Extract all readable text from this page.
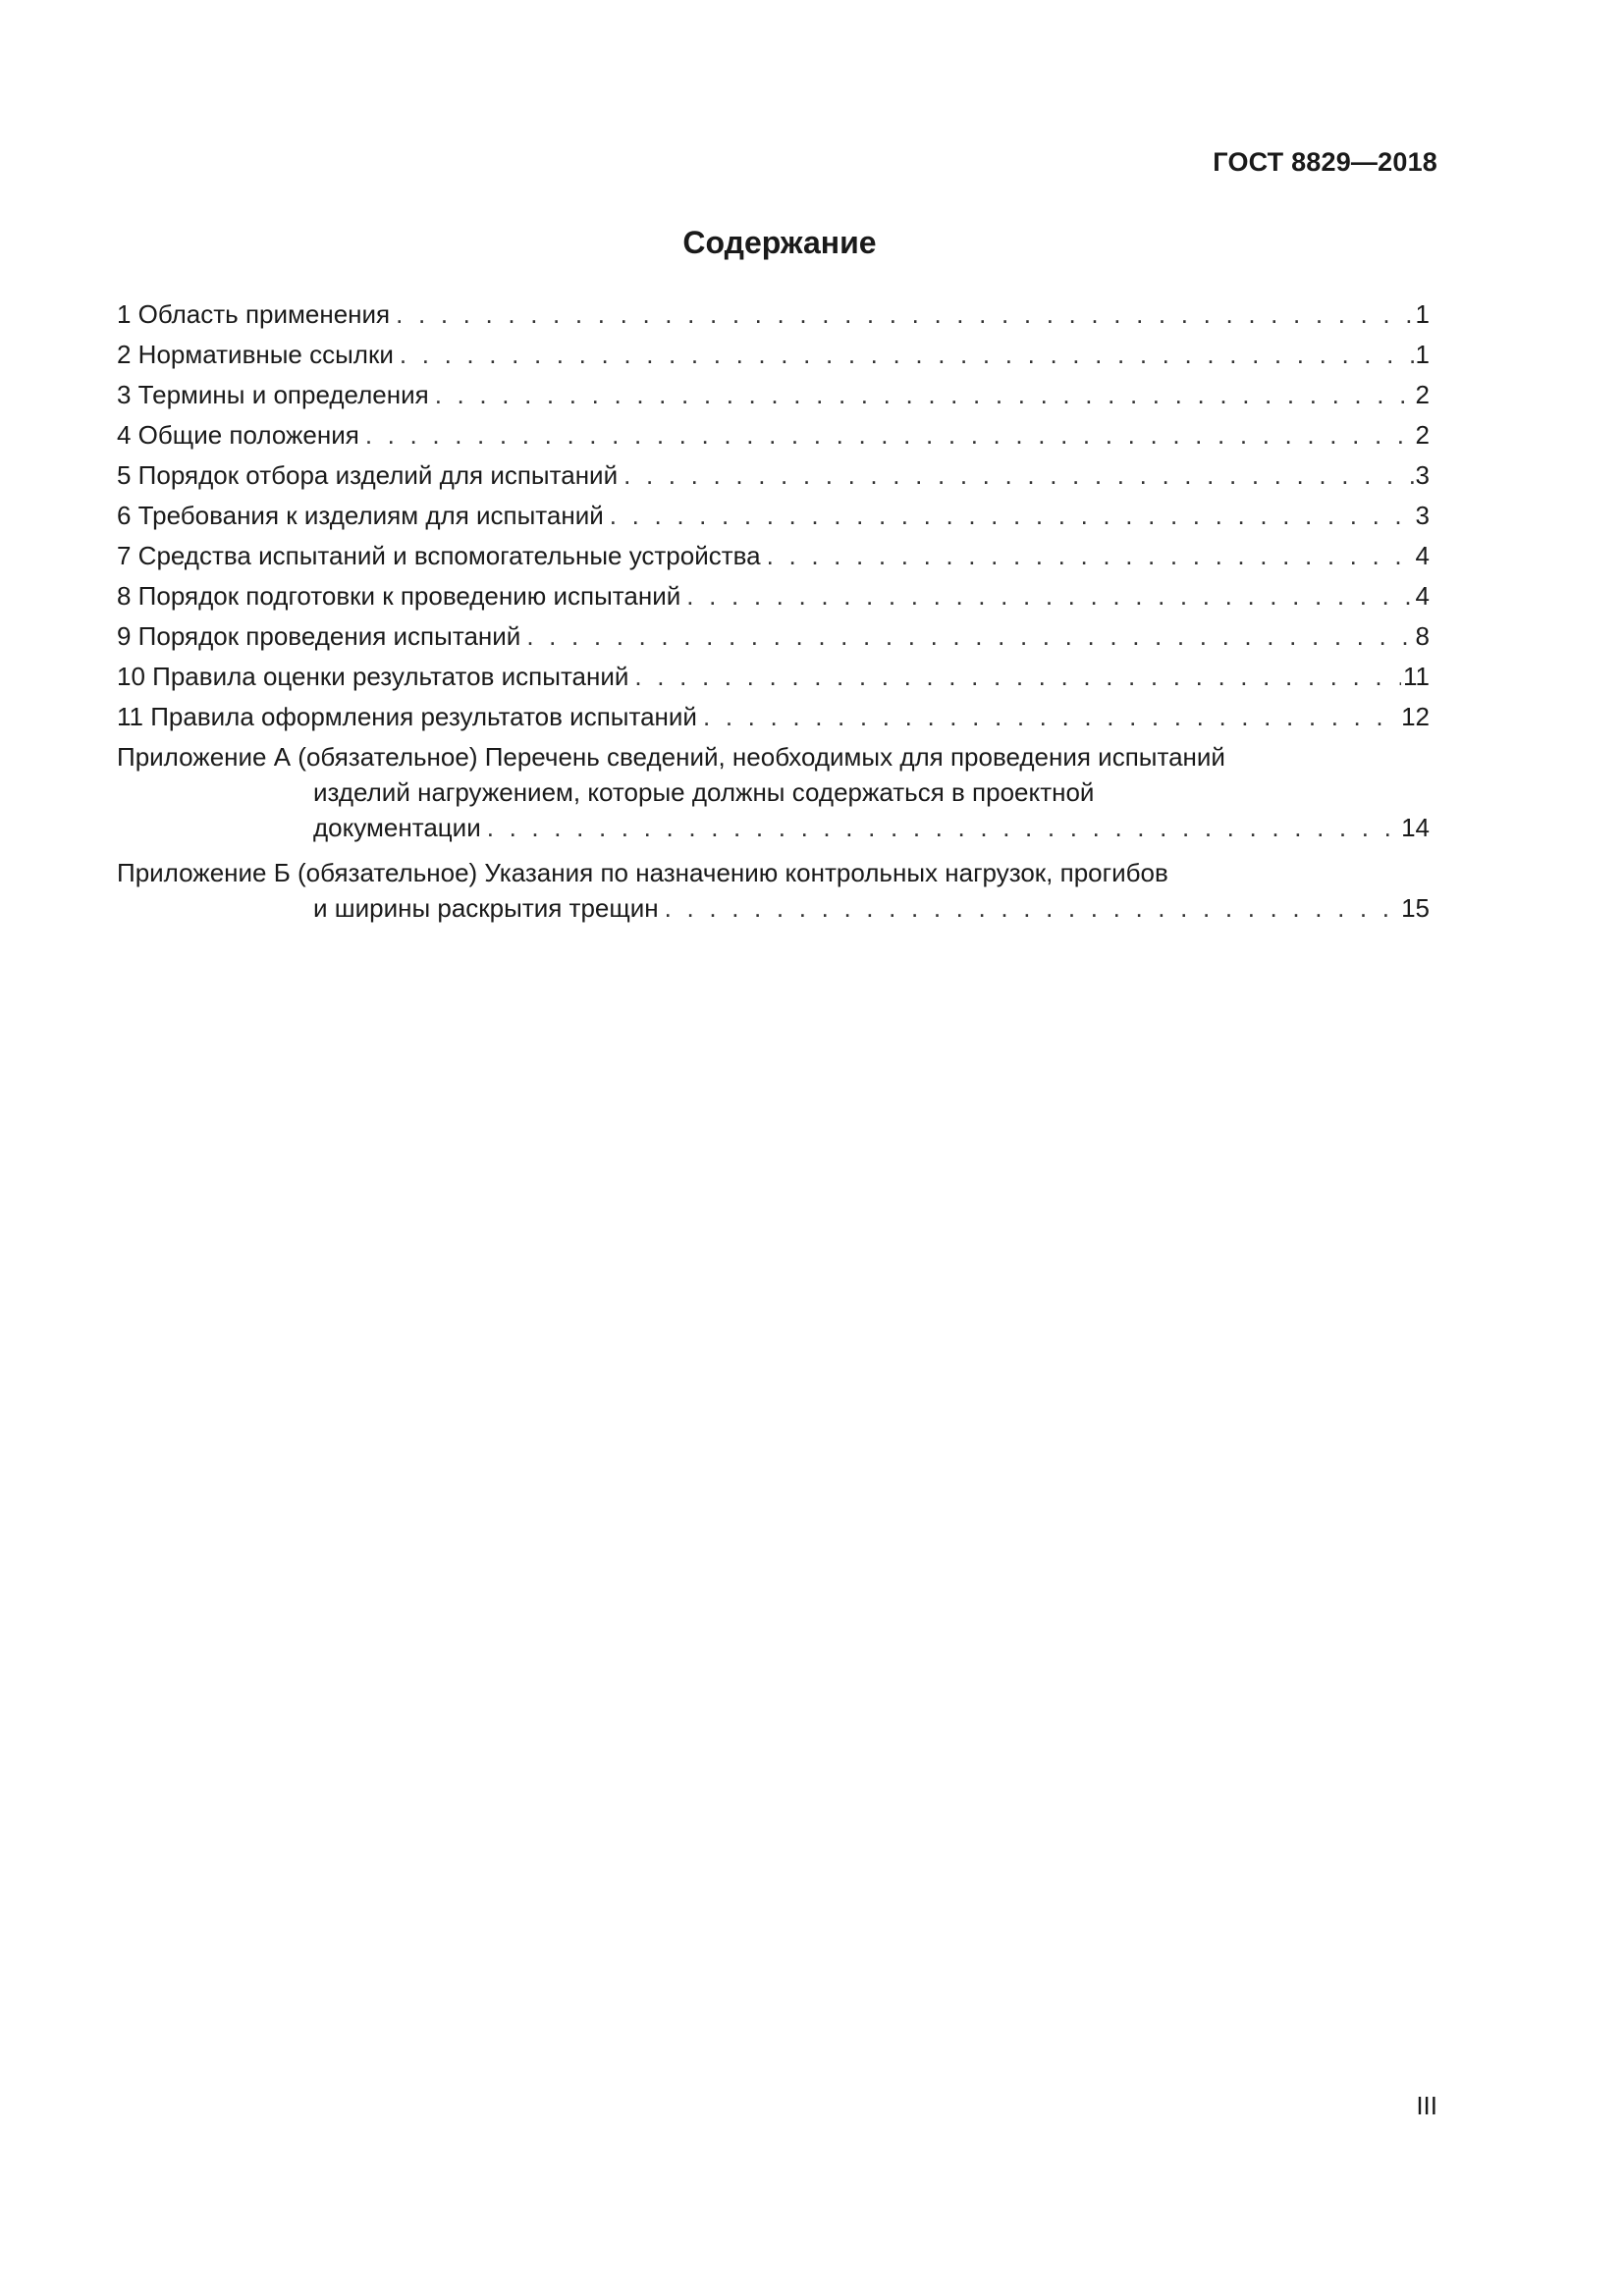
ГОСТ 8829—2018
Содержание
1 Область применения . . .	1
2 Нормативные ссылки . . .	1
3 Термины и определения . . .	2
4 Общие положения . . .	2
5 Порядок отбора изделий для испытаний . . .	3
6 Требования к изделиям для испытаний . . .	3
7 Средства испытаний и вспомогательные устройства . . .	4
8 Порядок подготовки к проведению испытаний . . .	4
9 Порядок проведения испытаний . . .	8
10 Правила оценки результатов испытаний . . .	11
11 Правила оформления результатов испытаний . . .	12
Приложение А (обязательное) Перечень сведений, необходимых для проведения испытаний
изделий нагружением, которые должны содержаться в проектной
документации . . .	14
Приложение Б (обязательное) Указания по назначению контрольных нагрузок, прогибов
и ширины раскрытия трещин . . .	15
III
